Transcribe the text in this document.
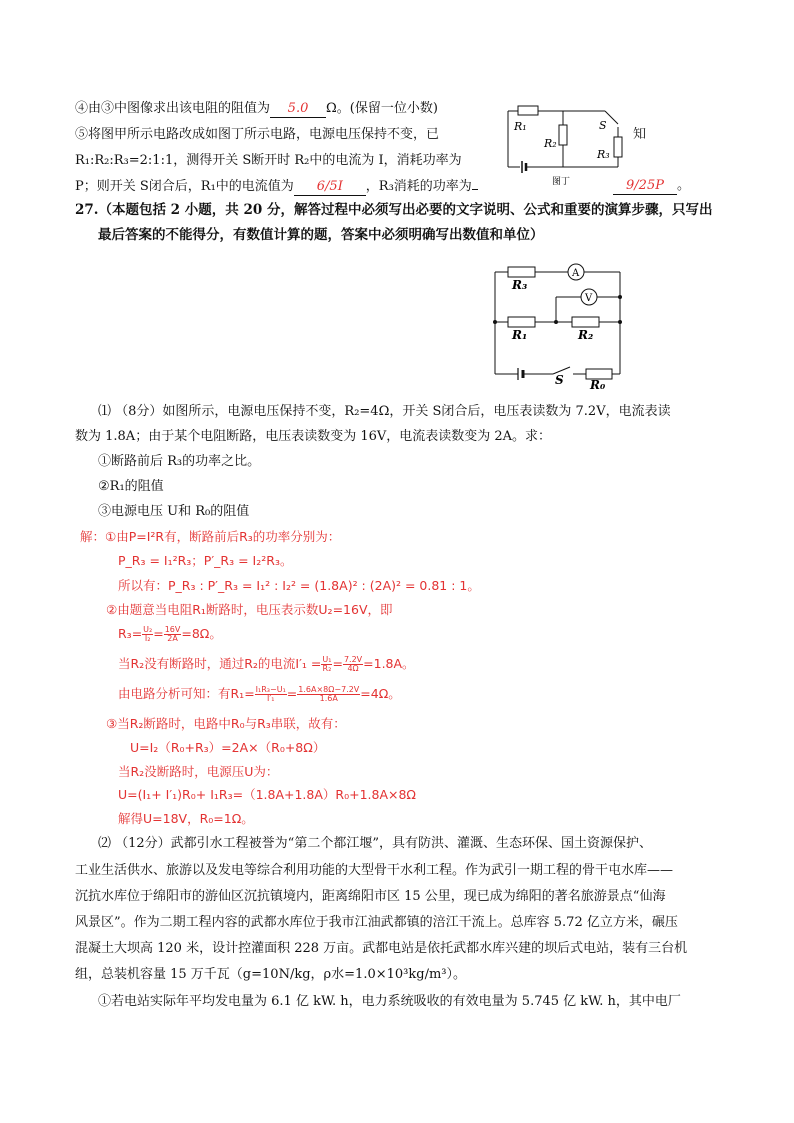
④由③中图像求出该电阻的阻值为 5.0 Ω。(保留一位小数)
⑤将图甲所示电路改成如图丁所示电路，电源电压保持不变，已	知
R₁:R₂:R₃=2:1:1，测得开关 S断开时 R₂中的电流为 I，消耗功率为
P；则开关 S闭合后，R₁中的电流值为 6/5I ，R₃消耗的功率为	9/25P 。
R₁
R₂
S
R₃
图丁
27.（本题包括 2 小题，共 20 分，解答过程中必须写出必要的文字说明、公式和重要的演算步骤，只写出
最后答案的不能得分，有数值计算的题，答案中必须明确写出数值和单位）
A
V
R₃
R₁	R₂
S R₀
⑴ （8分）如图所示，电源电压保持不变，R₂=4Ω，开关 S闭合后，电压表读数为 7.2V，电流表读
数为 1.8A；由于某个电阻断路，电压表读数变为 16V，电流表读数变为 2A。求：
①断路前后 R₃的功率之比。
②R₁的阻值
③电源电压 U和 R₀的阻值
解：①由P=I²R有，断路前后R₃的功率分别为：
P_R₃ = I₁²R₃；P′_R₃ = I₂²R₃。
所以有：P_R₃ : P′_R₃ = I₁² : I₂² = (1.8A)² : (2A)² = 0.81 : 1。
②由题意当电阻R₁断路时，电压表示数U₂=16V，即
$R_3= \frac{\text{U₂}}{\text{I₂}} = \frac{16V}{2A} =8\Omega$。
当R₂没有断路时，通过R₂的电流$I'_1 = \frac{\text{U₁}}{\text{R₂}} = \frac{7.2V}{4\Omega} =1.8A$。
由电路分析可知：有$R_1= \frac{\text{I₁R₃−U₁}}{\text{I′₁}} = \frac{1.6A\times 8\Omega-7.2V}{1.6A} =4\Omega$。
③当R₂断路时，电路中R₀与R₃串联，故有：
U=I₂（R₀+R₃）=2A×（R₀+8Ω）
当R₂没断路时，电源压U为：
U=(I₁+ I′₁)R₀+ I₁R₃=（1.8A+1.8A）R₀+1.8A×8Ω
解得U=18V，R₀=1Ω。
⑵ （12分）武都引水工程被誉为“第二个都江堰”，具有防洪、灌溉、生态环保、国土资源保护、
工业生活供水、旅游以及发电等综合利用功能的大型骨干水利工程。作为武引一期工程的骨干屯水库——
沉抗水库位于绵阳市的游仙区沉抗镇境内，距离绵阳市区 15 公里，现已成为绵阳的著名旅游景点“仙海
风景区”。作为二期工程内容的武都水库位于我市江油武都镇的涪江干流上。总库容 5.72 亿立方米，碾压
混凝土大坝高 120 米，设计控灌面积 228 万亩。武都电站是依托武都水库兴建的坝后式电站，装有三台机
组，总装机容量 15 万千瓦（g=10N/kg，ρ水=1.0×10³kg/m³）。
①若电站实际年平均发电量为 6.1 亿 kW. h，电力系统吸收的有效电量为 5.745 亿 kW. h，其中电厂
